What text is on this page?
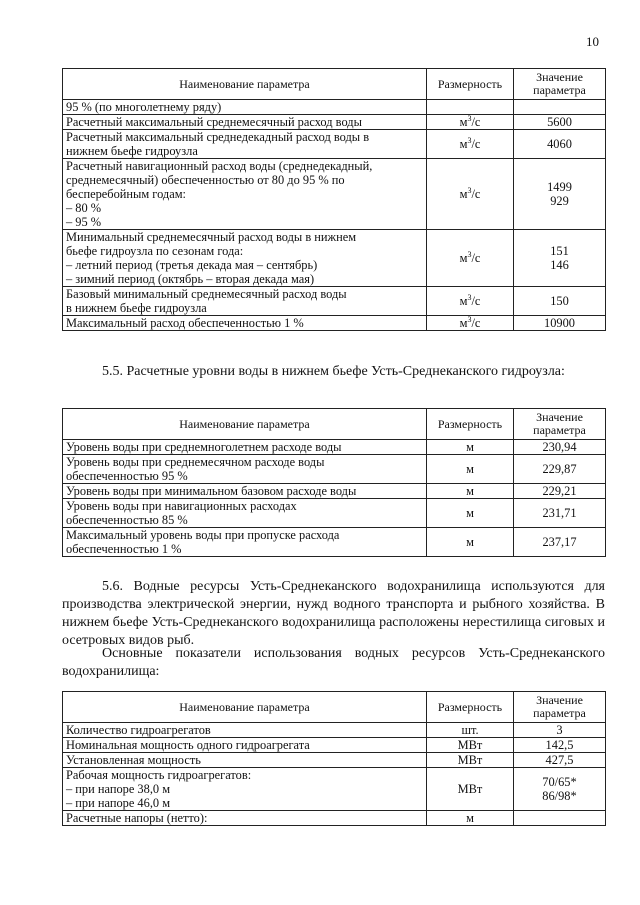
10
Наименование параметра	Размерность	Значение
параметра

95 % (по многолетнему ряду)		

Расчетный максимальный среднемесячный расход воды	$м^3/с$	5600

Расчетный максимальный среднедекадный расход воды в
нижнем бьефе гидроузла	$м^3/с$	4060

Расчетный навигационный расход воды (среднедекадный,
среднемесячный) обеспеченностью от 80 до 95 % по
бесперебойным годам:
– 80 %
– 95 %	$м^3/с$	1499
929

Минимальный среднемесячный расход воды в нижнем
бьефе гидроузла по сезонам года:
– летний период (третья декада мая – сентябрь)
– зимний период (октябрь – вторая декада мая)	$м^3/с$	151
146

Базовый минимальный среднемесячный расход воды
в нижнем бьефе гидроузла	$м^3/с$	150

Максимальный расход обеспеченностью 1 %	$м^3/с$	10900

5.5. Расчетные уровни воды в нижнем бьефе Усть-Среднеканского гидроузла:

Наименование параметра	Размерность	Значение
параметра

Уровень воды при среднемноголетнем расходе воды	м	230,94

Уровень воды при среднемесячном расходе воды
обеспеченностью 95 %	м	229,87

Уровень воды при минимальном базовом расходе воды	м	229,21

Уровень воды при навигационных расходах
обеспеченностью 85 %	м	231,71

Максимальный уровень воды при пропуске расхода
обеспеченностью 1 %	м	237,17

5.6. Водные ресурсы Усть-Среднеканского водохранилища используются для производства электрической энергии, нужд водного транспорта и рыбного хозяйства. В нижнем бьефе Усть-Среднеканского водохранилища расположены нерестилища сиговых и осетровых видов рыб.

Основные показатели использования водных ресурсов Усть-Среднеканского водохранилища:

Наименование параметра	Размерность	Значение
параметра

Количество гидроагрегатов	шт.	3

Номинальная мощность одного гидроагрегата	МВт	142,5

Установленная мощность	МВт	427,5

Рабочая мощность гидроагрегатов:
– при напоре 38,0 м
– при напоре 46,0 м	МВт	70/65*
86/98*

Расчетные напоры (нетто):	м	
